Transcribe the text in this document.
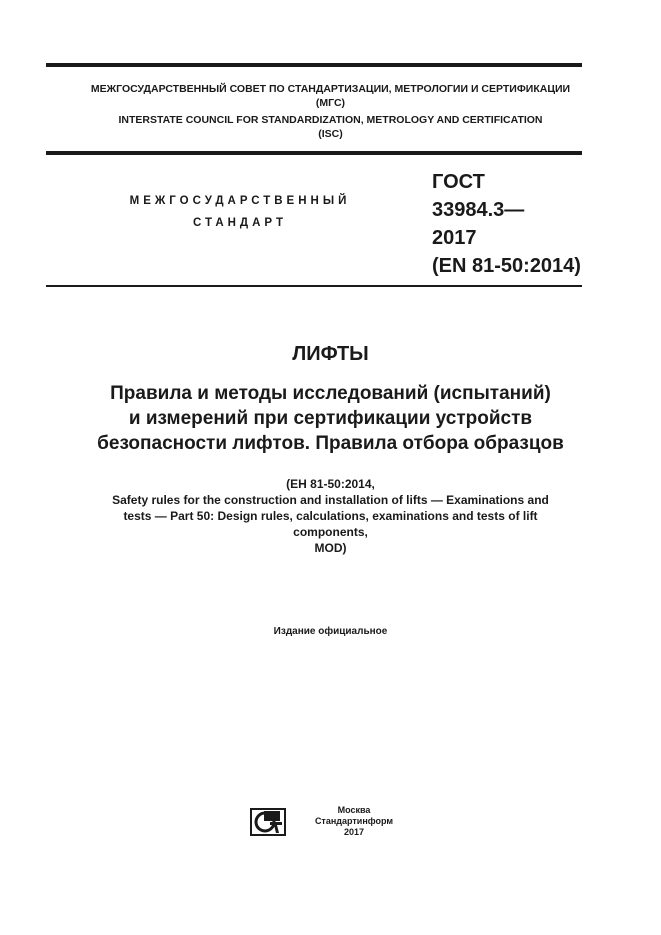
МЕЖГОСУДАРСТВЕННЫЙ СОВЕТ ПО СТАНДАРТИЗАЦИИ, МЕТРОЛОГИИ И СЕРТИФИКАЦИИ
(МГС)
INTERSTATE COUNCIL FOR STANDARDIZATION, METROLOGY AND CERTIFICATION
(ISC)
МЕЖГОСУДАРСТВЕННЫЙ
СТАНДАРТ
ГОСТ
33984.3—
2017
(EN 81-50:2014)
ЛИФТЫ
Правила и методы исследований (испытаний)
и измерений при сертификации устройств
безопасности лифтов. Правила отбора образцов
(EH 81-50:2014,
Safety rules for the construction and installation of lifts — Examinations and
tests — Part 50: Design rules, calculations, examinations and tests of lift
components,
MOD)
Издание официальное
Москва
Стандартинформ
2017
